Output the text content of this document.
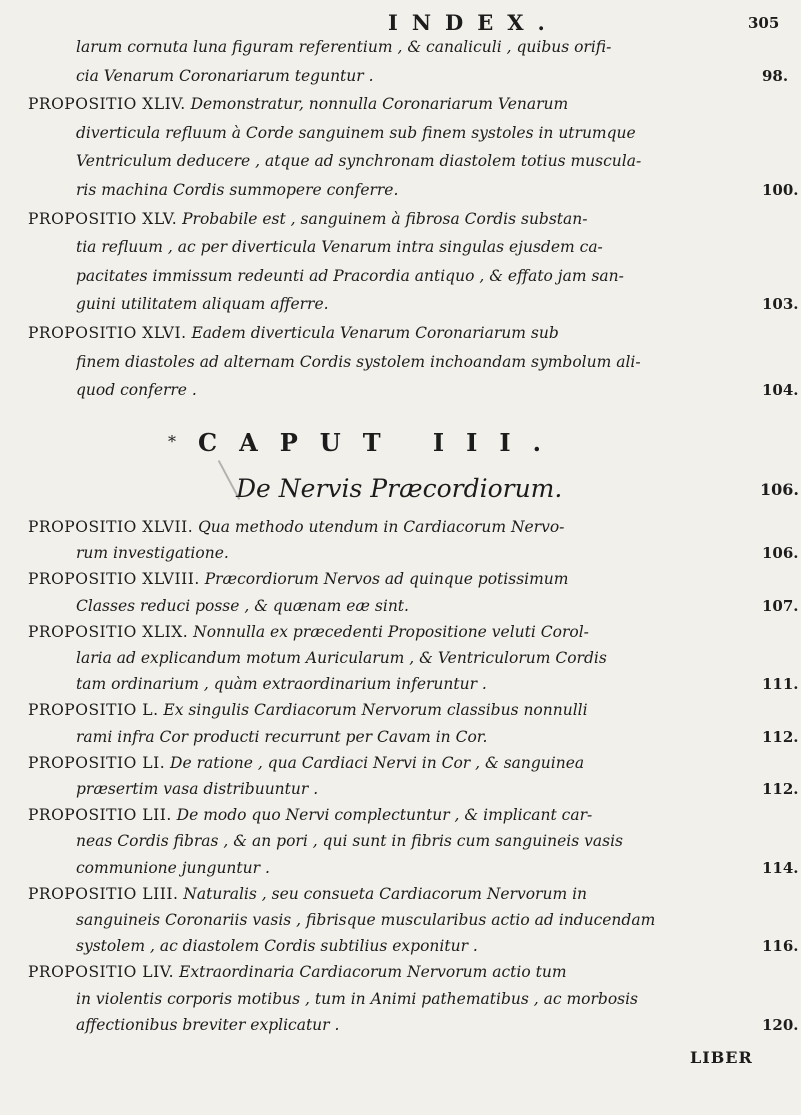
INDEX.	305
larum cornuta luna figuram referentium , & canaliculi , quibus orifi-
cia Venarum Coronariarum teguntur .	98.
PROPOSITIO XLIV. Demonstratur, nonnulla Coronariarum Venarum
diverticula refluum à Corde sanguinem sub finem systoles in utrumque
Ventriculum deducere , atque ad synchronam diastolem totius muscula-
ris machina Cordis summopere conferre.	100.
PROPOSITIO XLV. Probabile est , sanguinem à fibrosa Cordis substan-
tia refluum , ac per diverticula Venarum intra singulas ejusdem ca-
pacitates immissum redeunti ad Pracordia antiquo , & effato jam san-
guini utilitatem aliquam afferre.	103.
PROPOSITIO XLVI. Eadem diverticula Venarum Coronariarum sub
finem diastoles ad alternam Cordis systolem inchoandam symbolum ali-
quod conferre .	104.
* CAPUT III.
De Nervis Præcordiorum.	106.
PROPOSITIO XLVII. Qua methodo utendum in Cardiacorum Nervo-
rum investigatione.	106.
PROPOSITIO XLVIII. Præcordiorum Nervos ad quinque potissimum
Classes reduci posse , & quænam eæ sint.	107.
PROPOSITIO XLIX. Nonnulla ex præcedenti Propositione veluti Corol-
laria ad explicandum motum Auricularum , & Ventriculorum Cordis
tam ordinarium , quàm extraordinarium inferuntur .	111.
PROPOSITIO L. Ex singulis Cardiacorum Nervorum classibus nonnulli
rami infra Cor producti recurrunt per Cavam in Cor.	112.
PROPOSITIO LI. De ratione , qua Cardiaci Nervi in Cor , & sanguinea
præsertim vasa distribuuntur .	112.
PROPOSITIO LII. De modo quo Nervi complectuntur , & implicant car-
neas Cordis fibras , & an pori , qui sunt in fibris cum sanguineis vasis
communione junguntur .	114.
PROPOSITIO LIII. Naturalis , seu consueta Cardiacorum Nervorum in
sanguineis Coronariis vasis , fibrisque muscularibus actio ad inducendam
systolem , ac diastolem Cordis subtilius exponitur .	116.
PROPOSITIO LIV. Extraordinaria Cardiacorum Nervorum actio tum
in violentis corporis motibus , tum in Animi pathematibus , ac morbosis
affectionibus breviter explicatur .	120.
LIBER
